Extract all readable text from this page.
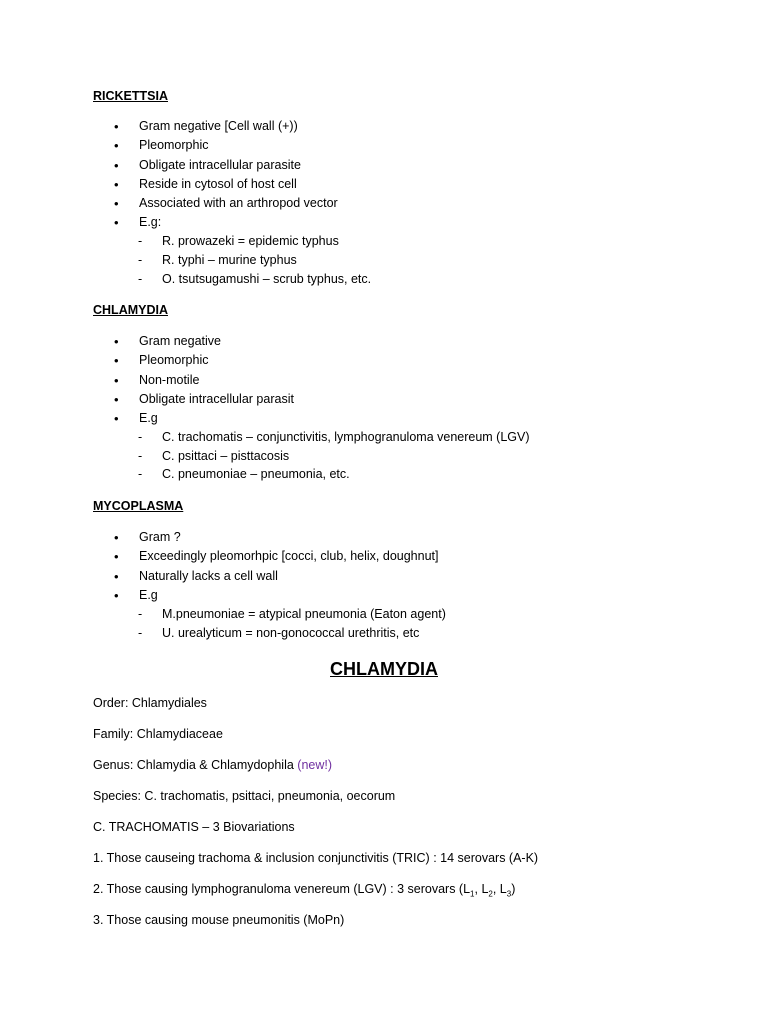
RICKETTSIA
• Gram negative [Cell wall (+))
• Pleomorphic
• Obligate intracellular parasite
• Reside in cytosol of host cell
• Associated with an arthropod vector
• E.g:
- R. prowazeki = epidemic typhus
- R. typhi – murine typhus
- O. tsutsugamushi – scrub typhus, etc.
CHLAMYDIA
• Gram negative
• Pleomorphic
• Non-motile
• Obligate intracellular parasit
• E.g
- C. trachomatis – conjunctivitis, lymphogranuloma venereum (LGV)
- C. psittaci – pisttacosis
- C. pneumoniae – pneumonia, etc.
MYCOPLASMA
• Gram ?
• Exceedingly pleomorhpic [cocci, club, helix, doughnut]
• Naturally lacks a cell wall
• E.g
- M.pneumoniae = atypical pneumonia (Eaton agent)
- U. urealyticum = non-gonococcal urethritis, etc
CHLAMYDIA
Order: Chlamydiales
Family: Chlamydiaceae
Genus: Chlamydia & Chlamydophila (new!)
Species: C. trachomatis, psittaci, pneumonia, oecorum
C. TRACHOMATIS – 3 Biovariations
1. Those causeing trachoma & inclusion conjunctivitis (TRIC) : 14 serovars (A-K)
2. Those causing lymphogranuloma venereum (LGV) : 3 serovars ($L_1$, $L_2$, $L_3$)
3. Those causing mouse pneumonitis (MoPn)
